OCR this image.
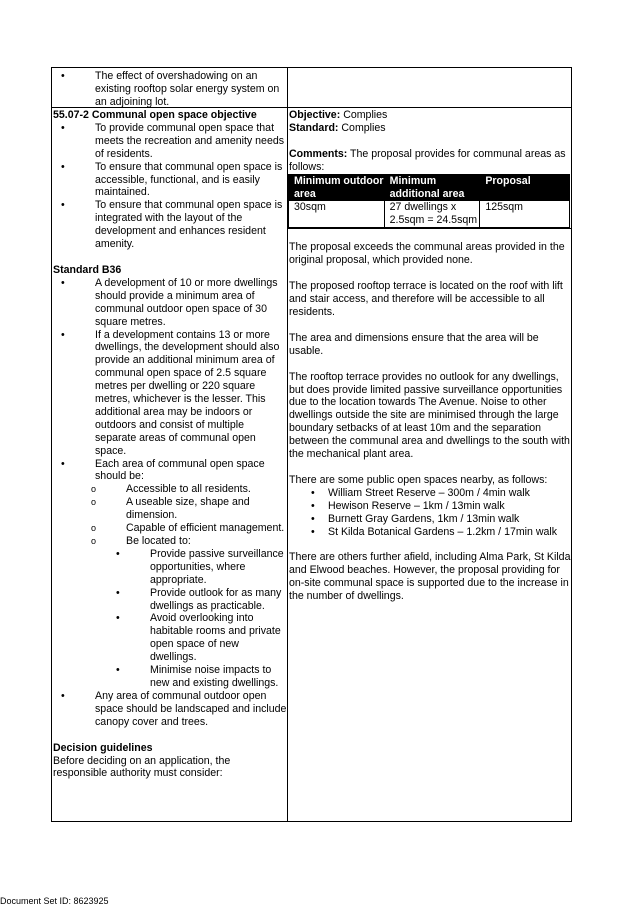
• The effect of overshadowing on an existing rooftop solar energy system on an adjoining lot.
55.07-2 Communal open space objective
• To provide communal open space that meets the recreation and amenity needs of residents.
• To ensure that communal open space is accessible, functional, and is easily maintained.
• To ensure that communal open space is integrated with the layout of the development and enhances resident amenity.
Standard B36
• A development of 10 or more dwellings should provide a minimum area of communal outdoor open space of 30 square metres.
• If a development contains 13 or more dwellings, the development should also provide an additional minimum area of communal open space of 2.5 square metres per dwelling or 220 square metres, whichever is the lesser. This additional area may be indoors or outdoors and consist of multiple separate areas of communal open space.
• Each area of communal open space should be:
o Accessible to all residents.
o A useable size, shape and dimension.
o Capable of efficient management.
o Be located to:
• Provide passive surveillance opportunities, where appropriate.
• Provide outlook for as many dwellings as practicable.
• Avoid overlooking into habitable rooms and private open space of new dwellings.
• Minimise noise impacts to new and existing dwellings.
• Any area of communal outdoor open space should be landscaped and include canopy cover and trees.
Decision guidelines
Before deciding on an application, the responsible authority must consider:
Objective: Complies
Standard: Complies
Comments: The proposal provides for communal areas as follows:
Minimum outdoor area	Minimum additional area	Proposal
30sqm	27 dwellings x 2.5sqm = 24.5sqm	125sqm
The proposal exceeds the communal areas provided in the original proposal, which provided none.
The proposed rooftop terrace is located on the roof with lift and stair access, and therefore will be accessible to all residents.
The area and dimensions ensure that the area will be usable.
The rooftop terrace provides no outlook for any dwellings, but does provide limited passive surveillance opportunities due to the location towards The Avenue. Noise to other dwellings outside the site are minimised through the large boundary setbacks of at least 10m and the separation between the communal area and dwellings to the south with the mechanical plant area.
There are some public open spaces nearby, as follows:
• William Street Reserve – 300m / 4min walk
• Hewison Reserve – 1km / 13min walk
• Burnett Gray Gardens, 1km / 13min walk
• St Kilda Botanical Gardens – 1.2km / 17min walk
There are others further afield, including Alma Park, St Kilda and Elwood beaches. However, the proposal providing for on-site communal space is supported due to the increase in the number of dwellings.
Document Set ID: 8623925
